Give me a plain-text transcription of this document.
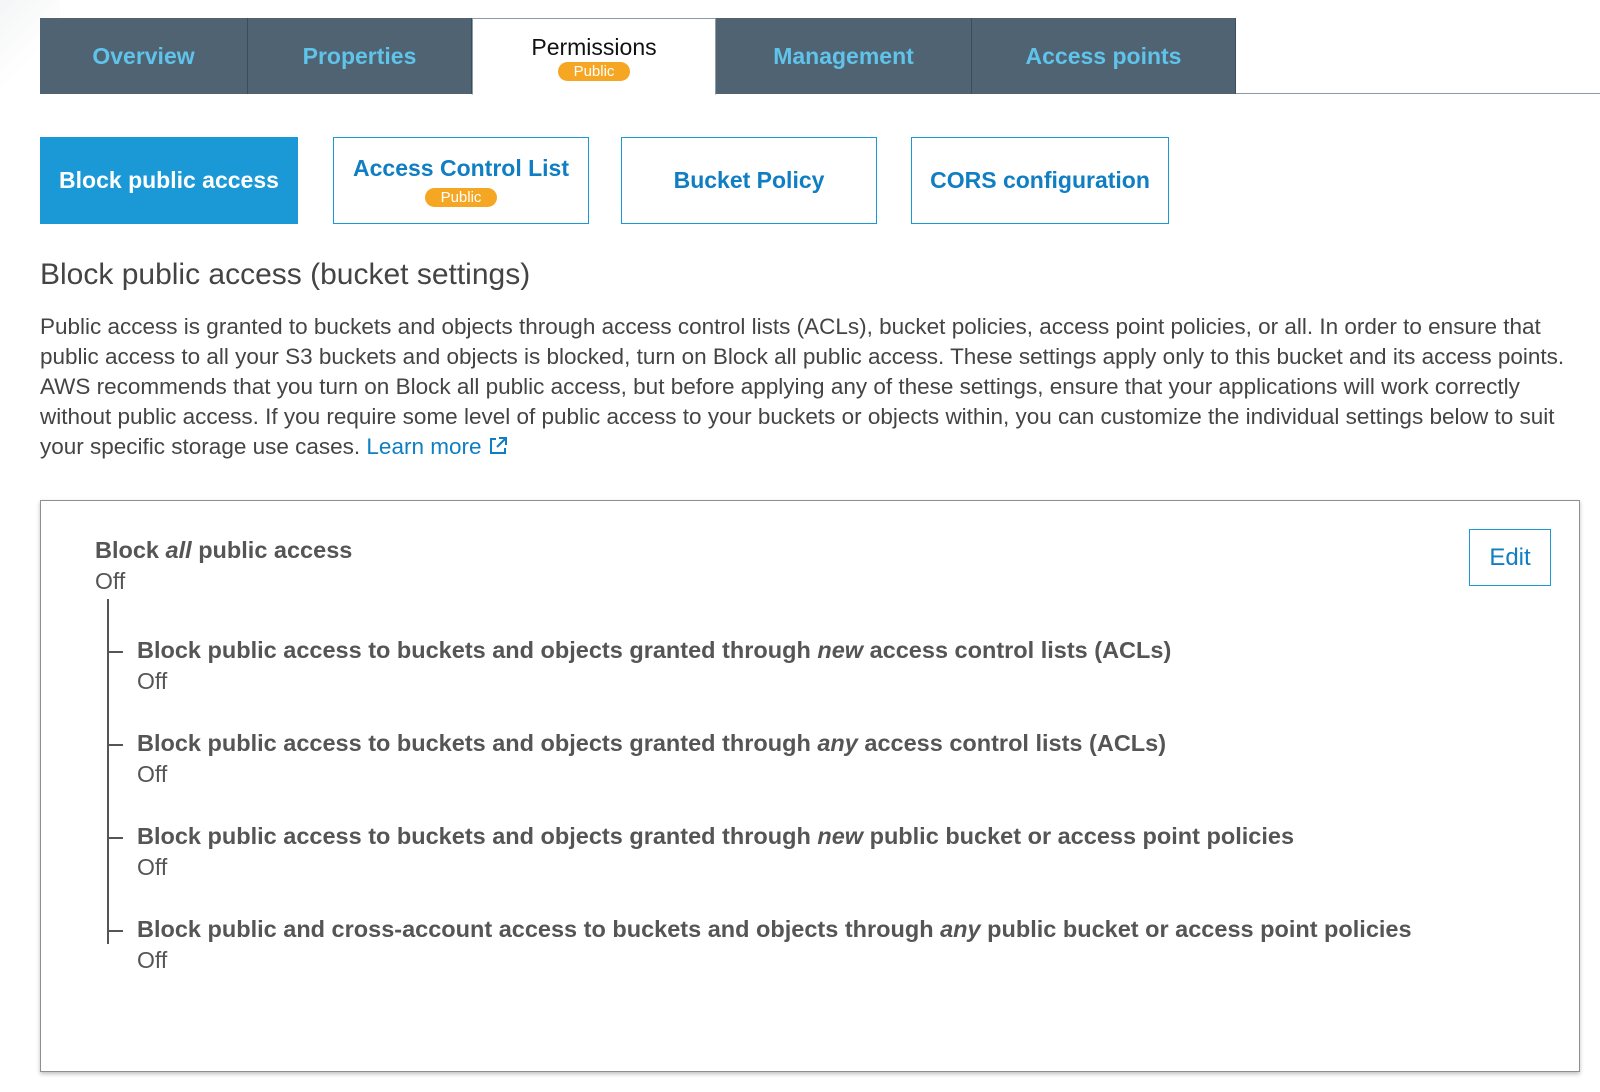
Overview	Properties	Permissions
Public
Management	Access points
Block public access	Access Control List
Public
Bucket Policy	CORS configuration
Block public access (bucket settings)

Public access is granted to buckets and objects through access control lists (ACLs), bucket policies, access point policies, or all. In order to ensure that public access to all your S3 buckets and objects is blocked, turn on Block all public access. These settings apply only to this bucket and its access points. AWS recommends that you turn on Block all public access, but before applying any of these settings, ensure that your applications will work correctly without public access. If you require some level of public access to your buckets or objects within, you can customize the individual settings below to suit your specific storage use cases. Learn more

Edit
Block all public access
Off
Block public access to buckets and objects granted through new access control lists (ACLs)
Off
Block public access to buckets and objects granted through any access control lists (ACLs)
Off
Block public access to buckets and objects granted through new public bucket or access point policies
Off
Block public and cross-account access to buckets and objects through any public bucket or access point policies
Off
